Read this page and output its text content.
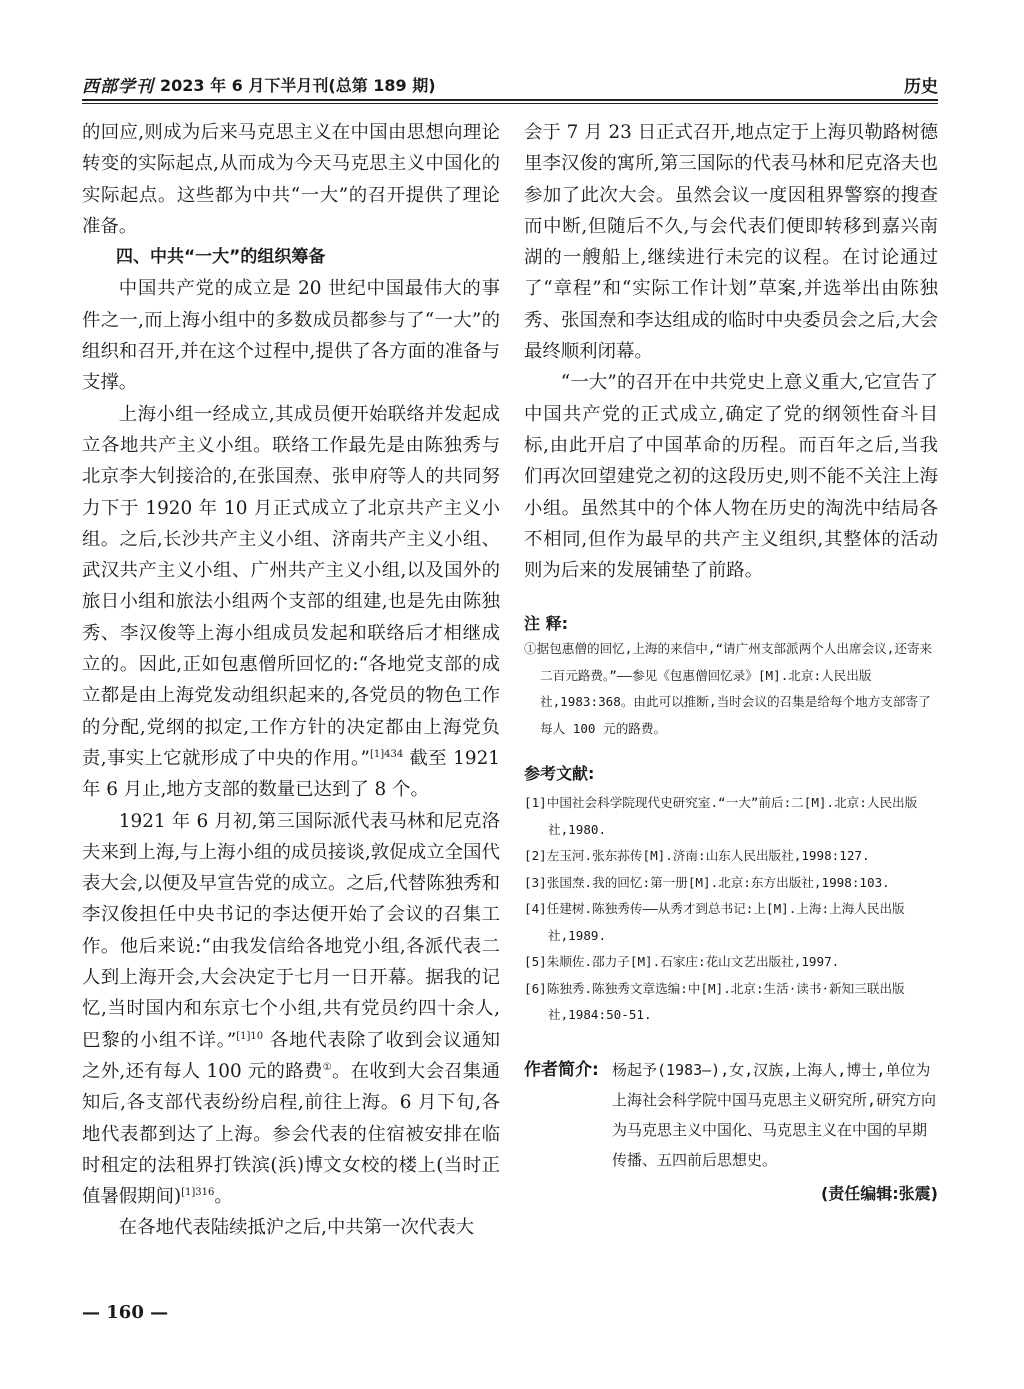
西部学刊 2023 年 6 月下半月刊(总第 189 期)	历史

的回应,则成为后来马克思主义在中国由思想向理论转变的实际起点,从而成为今天马克思主义中国化的实际起点。这些都为中共“一大”的召开提供了理论准备。

四、中共“一大”的组织筹备

中国共产党的成立是 20 世纪中国最伟大的事件之一,而上海小组中的多数成员都参与了“一大”的组织和召开,并在这个过程中,提供了各方面的准备与支撑。

上海小组一经成立,其成员便开始联络并发起成立各地共产主义小组。联络工作最先是由陈独秀与北京李大钊接洽的,在张国焘、张申府等人的共同努力下于 1920 年 10 月正式成立了北京共产主义小组。之后,长沙共产主义小组、济南共产主义小组、武汉共产主义小组、广州共产主义小组,以及国外的旅日小组和旅法小组两个支部的组建,也是先由陈独秀、李汉俊等上海小组成员发起和联络后才相继成立的。因此,正如包惠僧所回忆的:“各地党支部的成立都是由上海党发动组织起来的,各党员的物色工作的分配,党纲的拟定,工作方针的决定都由上海党负责,事实上它就形成了中央的作用。”$^{[1]434}$ 截至 1921 年 6 月止,地方支部的数量已达到了 8 个。

1921 年 6 月初,第三国际派代表马林和尼克洛夫来到上海,与上海小组的成员接谈,敦促成立全国代表大会,以便及早宣告党的成立。之后,代替陈独秀和李汉俊担任中央书记的李达便开始了会议的召集工作。他后来说:“由我发信给各地党小组,各派代表二人到上海开会,大会决定于七月一日开幕。据我的记忆,当时国内和东京七个小组,共有党员约四十余人,巴黎的小组不详。”$^{[1]10}$ 各地代表除了收到会议通知之外,还有每人 100 元的路费①。在收到大会召集通知后,各支部代表纷纷启程,前往上海。6 月下旬,各地代表都到达了上海。参会代表的住宿被安排在临时租定的法租界打铁滨(浜)博文女校的楼上(当时正值暑假期间)$^{[1]316}$。

在各地代表陆续抵沪之后,中共第一次代表大

会于 7 月 23 日正式召开,地点定于上海贝勒路树德里李汉俊的寓所,第三国际的代表马林和尼克洛夫也参加了此次大会。虽然会议一度因租界警察的搜查而中断,但随后不久,与会代表们便即转移到嘉兴南湖的一艘船上,继续进行未完的议程。在讨论通过了“章程”和“实际工作计划”草案,并选举出由陈独秀、张国焘和李达组成的临时中央委员会之后,大会最终顺利闭幕。

“一大”的召开在中共党史上意义重大,它宣告了中国共产党的正式成立,确定了党的纲领性奋斗目标,由此开启了中国革命的历程。而百年之后,当我们再次回望建党之初的这段历史,则不能不关注上海小组。虽然其中的个体人物在历史的淘洗中结局各不相同,但作为最早的共产主义组织,其整体的活动则为后来的发展铺垫了前路。

注 释:
①据包惠僧的回忆,上海的来信中,“请广州支部派两个人出席会议,还寄来二百元路费。”——参见《包惠僧回忆录》[M].北京:人民出版社,1983:368。由此可以推断,当时会议的召集是给每个地方支部寄了每人 100 元的路费。
参考文献:
[1]中国社会科学院现代史研究室.“一大”前后:二[M].北京:人民出版社,1980.
[2]左玉河.张东荪传[M].济南:山东人民出版社,1998:127.
[3]张国焘.我的回忆:第一册[M].北京:东方出版社,1998:103.
[4]任建树.陈独秀传——从秀才到总书记:上[M].上海:上海人民出版社,1989.
[5]朱顺佐.邵力子[M].石家庄:花山文艺出版社,1997.
[6]陈独秀.陈独秀文章选编:中[M].北京:生活·读书·新知三联出版社,1984:50-51.
作者简介: 杨起予(1983—),女,汉族,上海人,博士,单位为上海社会科学院中国马克思主义研究所,研究方向为马克思主义中国化、马克思主义在中国的早期传播、五四前后思想史。
(责任编辑:张震)
— 160 —
